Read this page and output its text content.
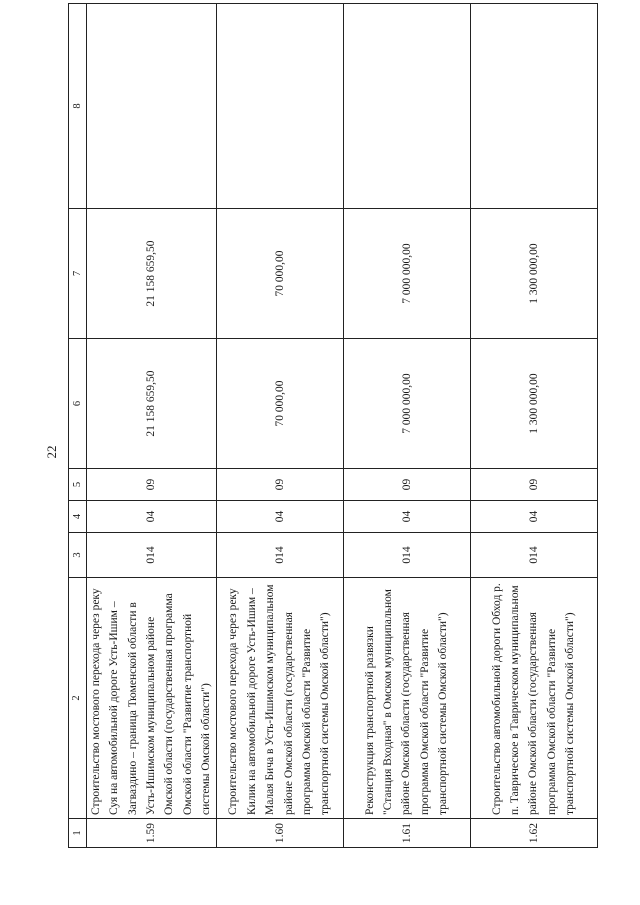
22
1	2	3	4	5	6	7	8
1.59	Строительство мостового перехода через реку Суя на автомобильной дороге Усть-Ишим – Загваздино – граница Тюменской области в Усть-Ишимском муниципальном районе Омской области (государственная программа Омской области "Развитие транспортной системы Омской области")	014	04	09	21 158 659,50	21 158 659,50	
1.60	Строительство мостового перехода через реку Килик на автомобильной дороге Усть-Ишим – Малая Бича в Усть-Ишимском муниципальном районе Омской области (государственная программа Омской области "Развитие транспортной системы Омской области")	014	04	09	70 000,00	70 000,00	
1.61	Реконструкция транспортной развязки "Станция Входная" в Омском муниципальном районе Омской области (государственная программа Омской области "Развитие транспортной системы Омской области")	014	04	09	7 000 000,00	7 000 000,00	
1.62	Строительство автомобильной дороги Обход р. п. Таврическое в Таврическом муниципальном районе Омской области (государственная программа Омской области "Развитие транспортной системы Омской области")	014	04	09	1 300 000,00	1 300 000,00	
